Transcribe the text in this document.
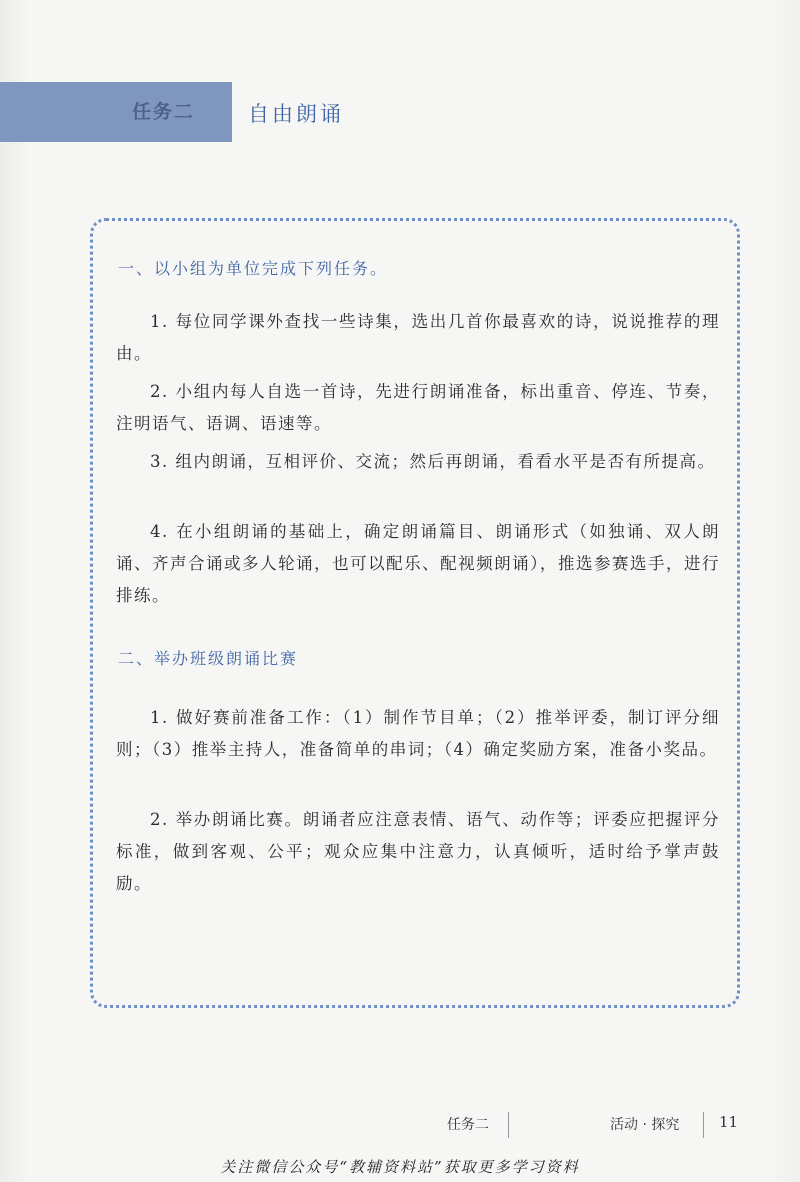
任务二	自由朗诵
一、以小组为单位完成下列任务。
1. 每位同学课外查找一些诗集，选出几首你最喜欢的诗，说说推荐的理由。
2. 小组内每人自选一首诗，先进行朗诵准备，标出重音、停连、节奏，注明语气、语调、语速等。
3. 组内朗诵，互相评价、交流；然后再朗诵，看看水平是否有所提高。
4. 在小组朗诵的基础上，确定朗诵篇目、朗诵形式（如独诵、双人朗诵、齐声合诵或多人轮诵，也可以配乐、配视频朗诵），推选参赛选手，进行排练。
二、举办班级朗诵比赛
1. 做好赛前准备工作：（1）制作节目单；（2）推举评委，制订评分细则；（3）推举主持人，准备简单的串词；（4）确定奖励方案，准备小奖品。
2. 举办朗诵比赛。朗诵者应注意表情、语气、动作等；评委应把握评分标准，做到客观、公平；观众应集中注意力，认真倾听，适时给予掌声鼓励。
任务二	活动 · 探究	11
关注微信公众号“教辅资料站”获取更多学习资料
